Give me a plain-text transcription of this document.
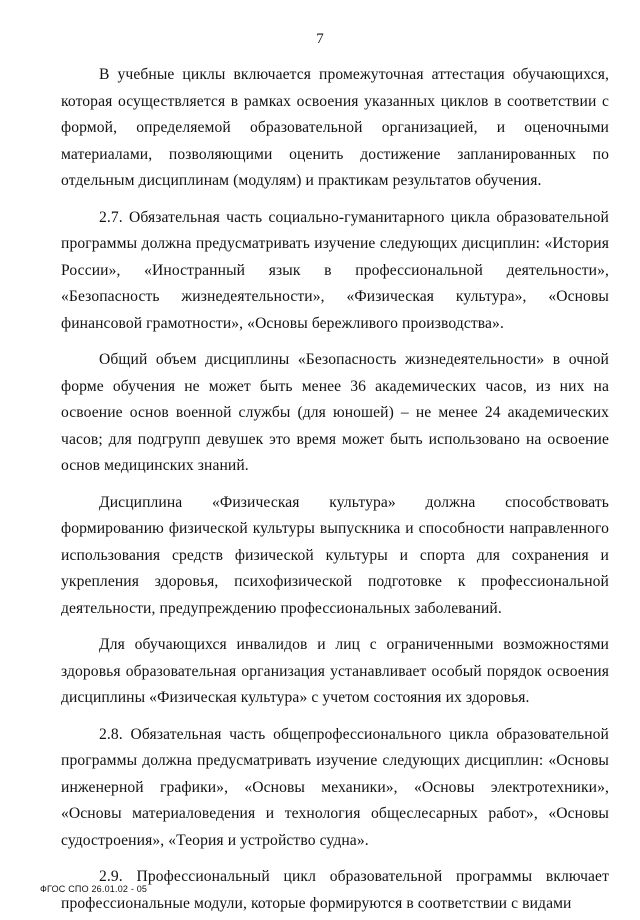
7

В учебные циклы включается промежуточная аттестация обучающихся, которая осуществляется в рамках освоения указанных циклов в соответствии с формой, определяемой образовательной организацией, и оценочными материалами, позволяющими оценить достижение запланированных по отдельным дисциплинам (модулям) и практикам результатов обучения.

2.7. Обязательная часть социально-гуманитарного цикла образовательной программы должна предусматривать изучение следующих дисциплин: «История России», «Иностранный язык в профессиональной деятельности», «Безопасность жизнедеятельности», «Физическая культура», «Основы финансовой грамотности», «Основы бережливого производства».

Общий объем дисциплины «Безопасность жизнедеятельности» в очной форме обучения не может быть менее 36 академических часов, из них на освоение основ военной службы (для юношей) – не менее 24 академических часов; для подгрупп девушек это время может быть использовано на освоение основ медицинских знаний.

Дисциплина «Физическая культура» должна способствовать формированию физической культуры выпускника и способности направленного использования средств физической культуры и спорта для сохранения и укрепления здоровья, психофизической подготовке к профессиональной деятельности, предупреждению профессиональных заболеваний.

Для обучающихся инвалидов и лиц с ограниченными возможностями здоровья образовательная организация устанавливает особый порядок освоения дисциплины «Физическая культура» с учетом состояния их здоровья.

2.8. Обязательная часть общепрофессионального цикла образовательной программы должна предусматривать изучение следующих дисциплин: «Основы инженерной графики», «Основы механики», «Основы электротехники», «Основы материаловедения и технология общеслесарных работ», «Основы судостроения», «Теория и устройство судна».

2.9. Профессиональный цикл образовательной программы включает профессиональные модули, которые формируются в соответствии с видами

ФГОС СПО 26.01.02 - 05
